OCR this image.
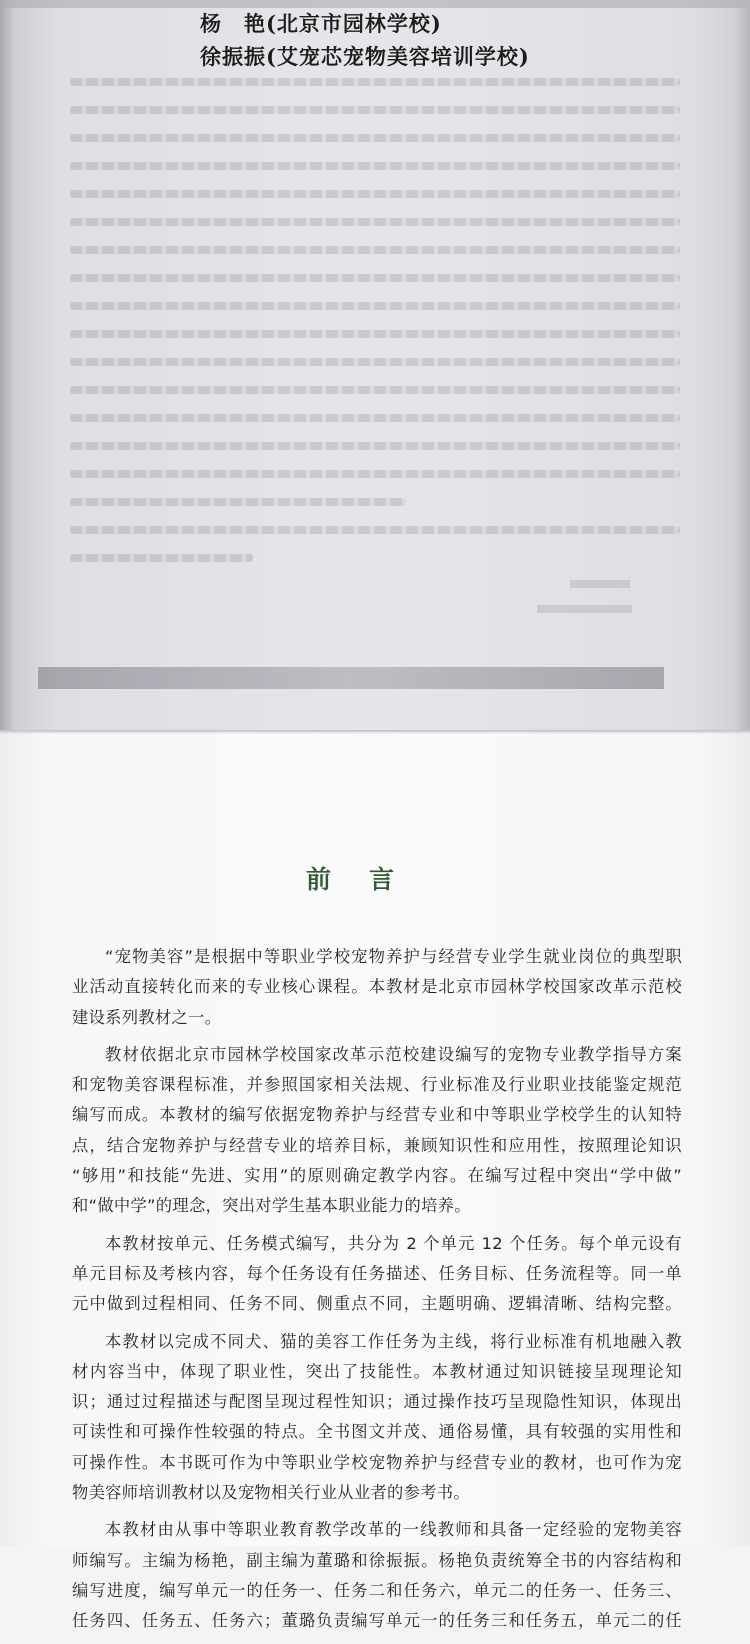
杨　艳(北京市园林学校)
徐振振(艾宠芯宠物美容培训学校)
前言
“宠物美容”是根据中等职业学校宠物养护与经营专业学生就业岗位的典型职
业活动直接转化而来的专业核心课程。本教材是北京市园林学校国家改革示范校
建设系列教材之一。
教材依据北京市园林学校国家改革示范校建设编写的宠物专业教学指导方案
和宠物美容课程标准，并参照国家相关法规、行业标准及行业职业技能鉴定规范
编写而成。本教材的编写依据宠物养护与经营专业和中等职业学校学生的认知特
点，结合宠物养护与经营专业的培养目标，兼顾知识性和应用性，按照理论知识
“够用”和技能“先进、实用”的原则确定教学内容。在编写过程中突出“学中做”
和“做中学”的理念，突出对学生基本职业能力的培养。
本教材按单元、任务模式编写，共分为 2 个单元 12 个任务。每个单元设有
单元目标及考核内容，每个任务设有任务描述、任务目标、任务流程等。同一单
元中做到过程相同、任务不同、侧重点不同，主题明确、逻辑清晰、结构完整。
本教材以完成不同犬、猫的美容工作任务为主线，将行业标准有机地融入教
材内容当中，体现了职业性，突出了技能性。本教材通过知识链接呈现理论知
识；通过过程描述与配图呈现过程性知识；通过操作技巧呈现隐性知识，体现出
可读性和可操作性较强的特点。全书图文并茂、通俗易懂，具有较强的实用性和
可操作性。本书既可作为中等职业学校宠物养护与经营专业的教材，也可作为宠
物美容师培训教材以及宠物相关行业从业者的参考书。
本教材由从事中等职业教育教学改革的一线教师和具备一定经验的宠物美容
师编写。主编为杨艳，副主编为董璐和徐振振。杨艳负责统筹全书的内容结构和
编写进度，编写单元一的任务一、任务二和任务六，单元二的任务一、任务三、
任务四、任务五、任务六；董璐负责编写单元一的任务三和任务五，单元二的任
